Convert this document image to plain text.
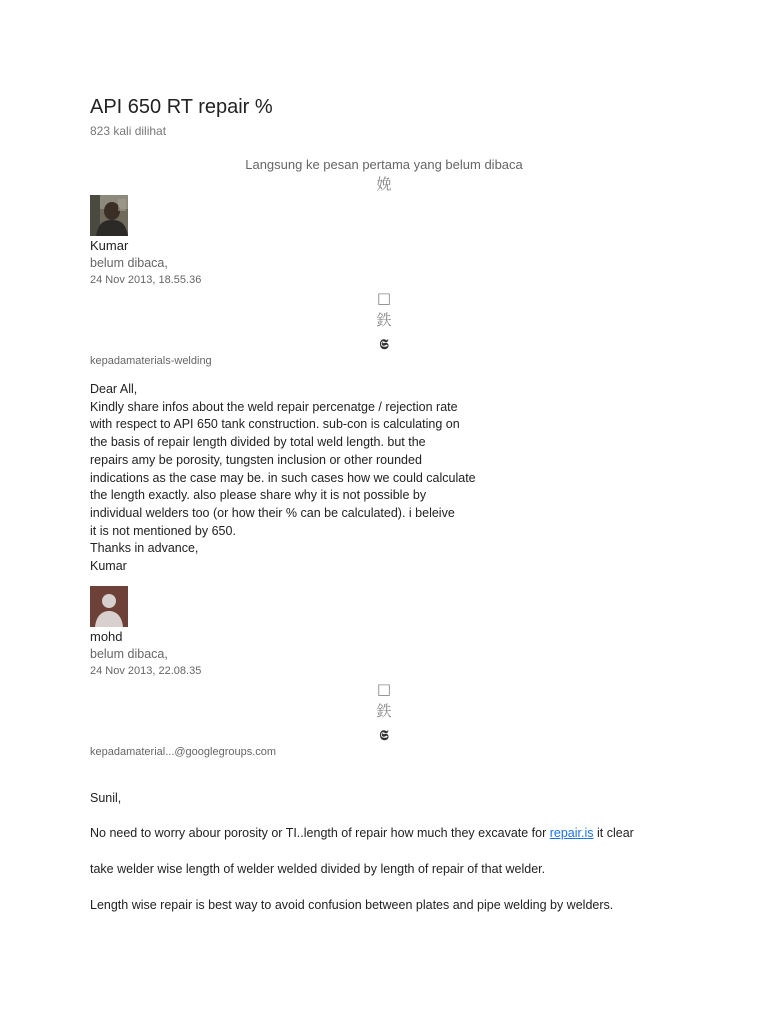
API 650 RT repair %
823 kali dilihat
Langsung ke pesan pertama yang belum dibaca
娩
Kumar
belum dibaca,
24 Nov 2013, 18.55.36
□
鉄
𝕾
kepadamaterials-welding
Dear All,
Kindly share infos about the weld repair percenatge / rejection rate
with respect to API 650 tank construction. sub-con is calculating on
the basis of repair length divided by total weld length. but the
repairs amy be porosity, tungsten inclusion or other rounded
indications as the case may be. in such cases how we could calculate
the length exactly. also please share why it is not possible by
individual welders too (or how their % can be calculated). i beleive
it is not mentioned by 650.
Thanks in advance,
Kumar
mohd
belum dibaca,
24 Nov 2013, 22.08.35
□
鉄
𝕾
kepadamaterial...@googlegroups.com
Sunil,
No need to worry abour porosity or TI..length of repair how much they excavate for repair.is it clear
take welder wise length of welder welded divided by length of repair of that welder.
Length wise repair is best way to avoid confusion between plates and pipe welding by welders.
